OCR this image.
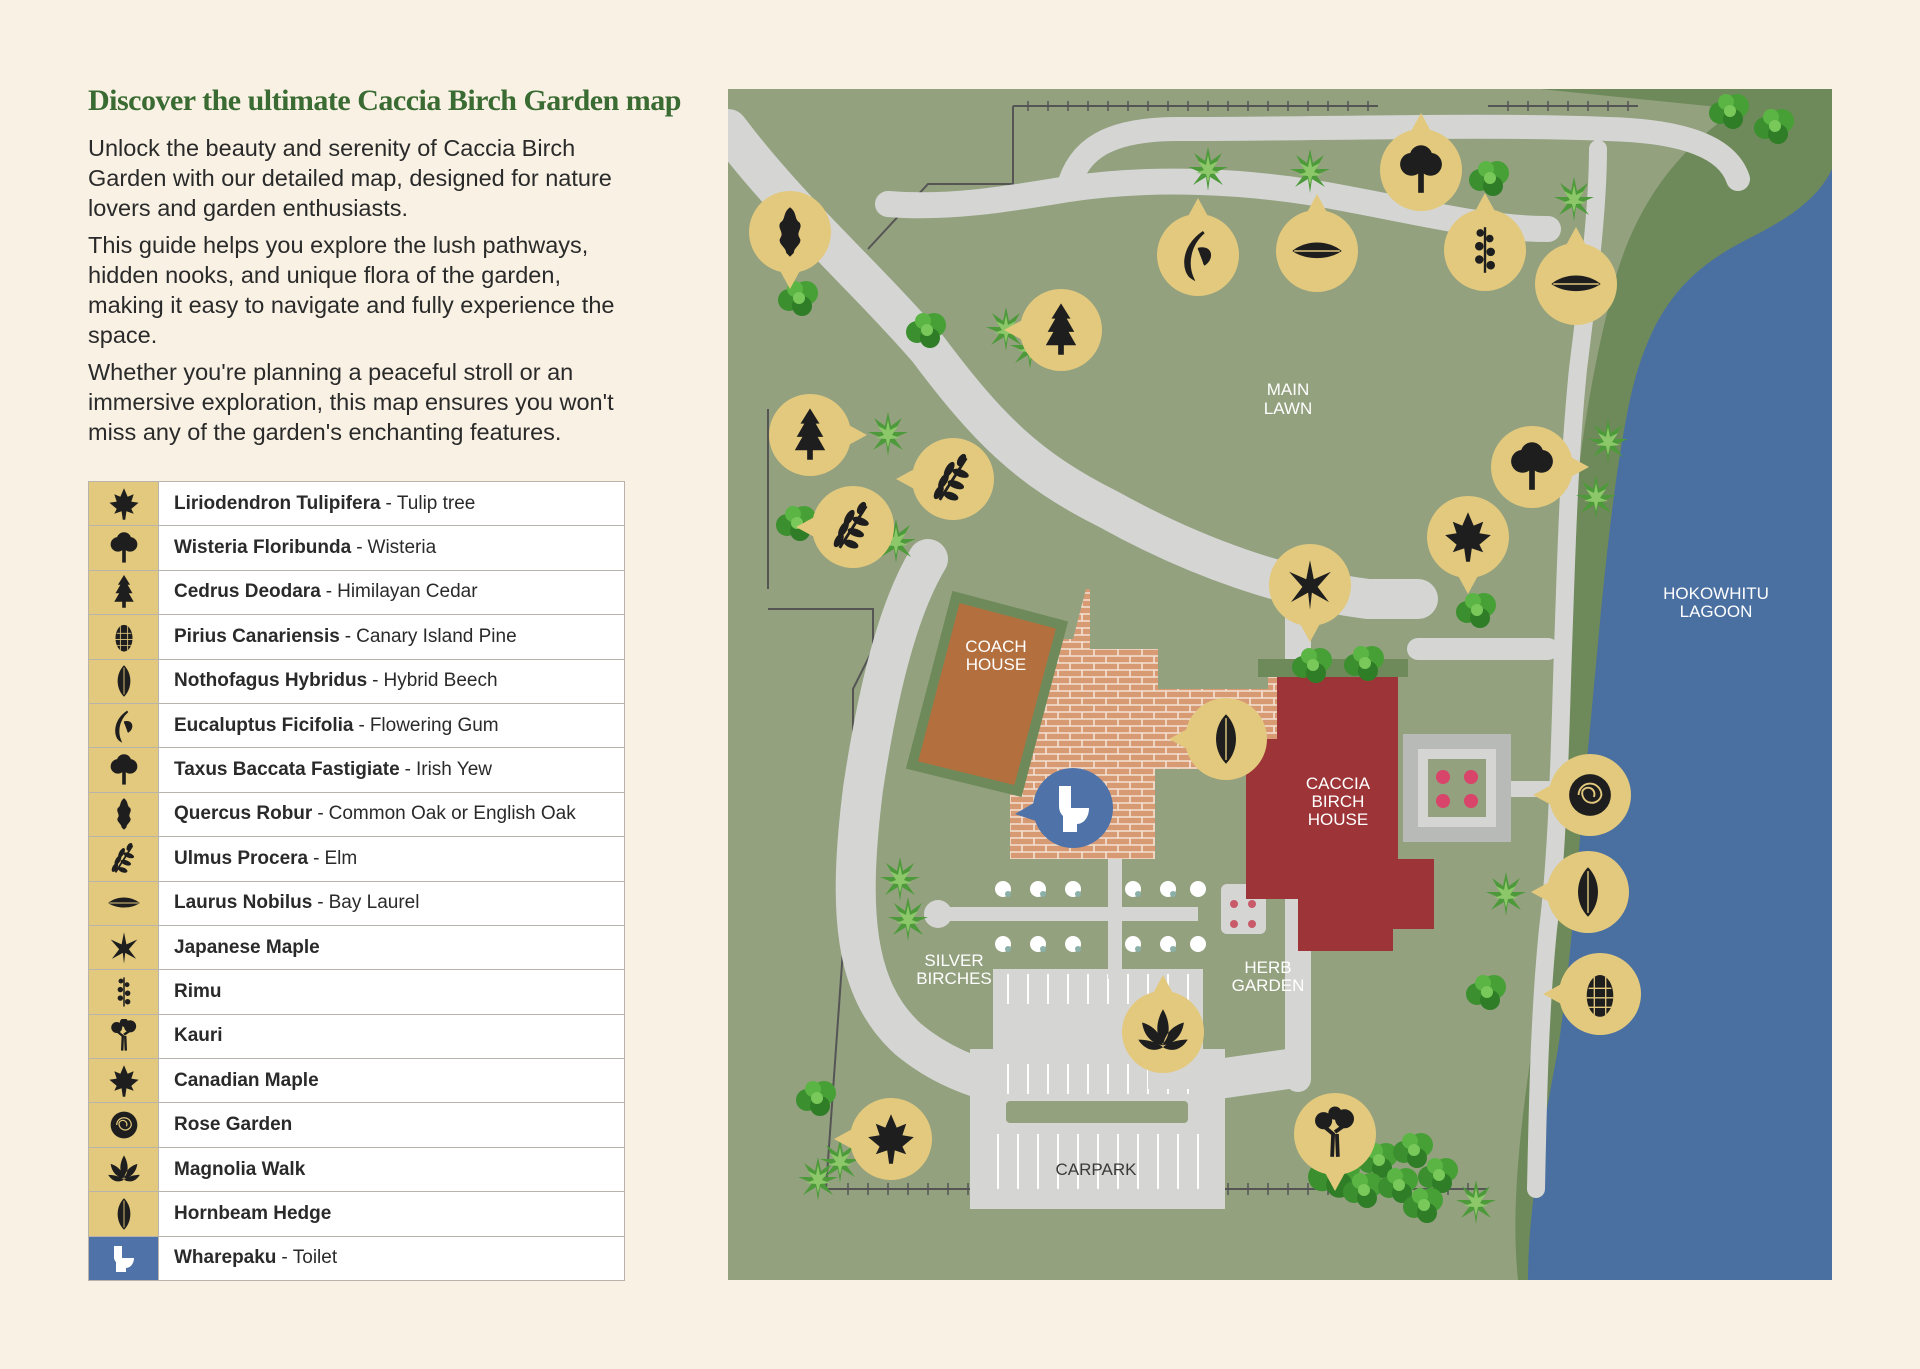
Discover the ultimate Caccia Birch Garden map

Unlock the beauty and serenity of Caccia Birch Garden with our detailed map, designed for nature lovers and garden enthusiasts.

This guide helps you explore the lush pathways, hidden nooks, and unique flora of the garden, making it easy to navigate and fully experience the space.

Whether you're planning a peaceful stroll or an immersive exploration, this map ensures you won't miss any of the garden's enchanting features.

Liriodendron Tulipifera - Tulip tree
Wisteria Floribunda - Wisteria
Cedrus Deodara - Himilayan Cedar
Pirius Canariensis - Canary Island Pine
Nothofagus Hybridus - Hybrid Beech
Eucaluptus Ficifolia - Flowering Gum
Taxus Baccata Fastigiate - Irish Yew
Quercus Robur - Common Oak or English Oak
Ulmus Procera - Elm
Laurus Nobilus - Bay Laurel
Japanese Maple
Rimu
Kauri
Canadian Maple
Rose Garden
Magnolia Walk
Hornbeam Hedge
Wharepaku - Toilet
MAIN
LAWN
COACH
HOUSE
CACCIA
BIRCH
HOUSE
SILVER
BIRCHES
HERB
GARDEN
CARPARK
HOKOWHITU
LAGOON
